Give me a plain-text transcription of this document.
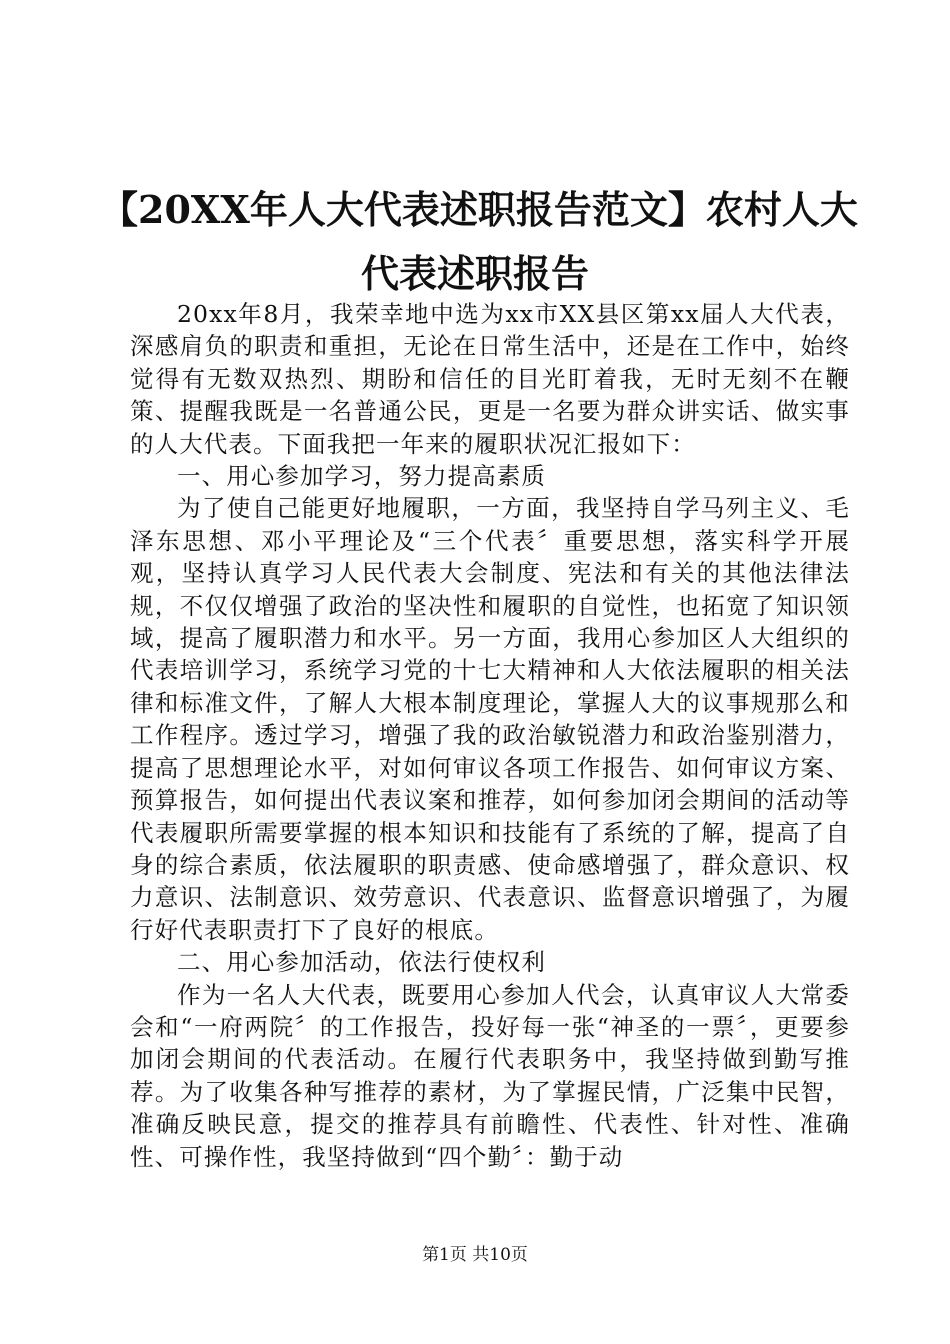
【20XX年人大代表述职报告范文】农村人大
代表述职报告

20xx年8月，我荣幸地中选为xx市XX县区第xx届人大代表，深感肩负的职责和重担，无论在日常生活中，还是在工作中，始终觉得有无数双热烈、期盼和信任的目光盯着我，无时无刻不在鞭策、提醒我既是一名普通公民，更是一名要为群众讲实话、做实事的人大代表。下面我把一年来的履职状况汇报如下：

一、用心参加学习，努力提高素质

为了使自己能更好地履职，一方面，我坚持自学马列主义、毛泽东思想、邓小平理论及“三个代表〞重要思想，落实科学开展观，坚持认真学习人民代表大会制度、宪法和有关的其他法律法规，不仅仅增强了政治的坚决性和履职的自觉性，也拓宽了知识领域，提高了履职潜力和水平。另一方面，我用心参加区人大组织的代表培训学习，系统学习党的十七大精神和人大依法履职的相关法律和标准文件，了解人大根本制度理论，掌握人大的议事规那么和工作程序。透过学习，增强了我的政治敏锐潜力和政治鉴别潜力，提高了思想理论水平，对如何审议各项工作报告、如何审议方案、预算报告，如何提出代表议案和推荐，如何参加闭会期间的活动等代表履职所需要掌握的根本知识和技能有了系统的了解，提高了自身的综合素质，依法履职的职责感、使命感增强了，群众意识、权力意识、法制意识、效劳意识、代表意识、监督意识增强了，为履行好代表职责打下了良好的根底。

二、用心参加活动，依法行使权利

作为一名人大代表，既要用心参加人代会，认真审议人大常委会和“一府两院〞的工作报告，投好每一张“神圣的一票〞，更要参加闭会期间的代表活动。在履行代表职务中，我坚持做到勤写推荐。为了收集各种写推荐的素材，为了掌握民情，广泛集中民智，准确反映民意，提交的推荐具有前瞻性、代表性、针对性、准确性、可操作性，我坚持做到“四个勤〞：勤于动

第1页 共10页
